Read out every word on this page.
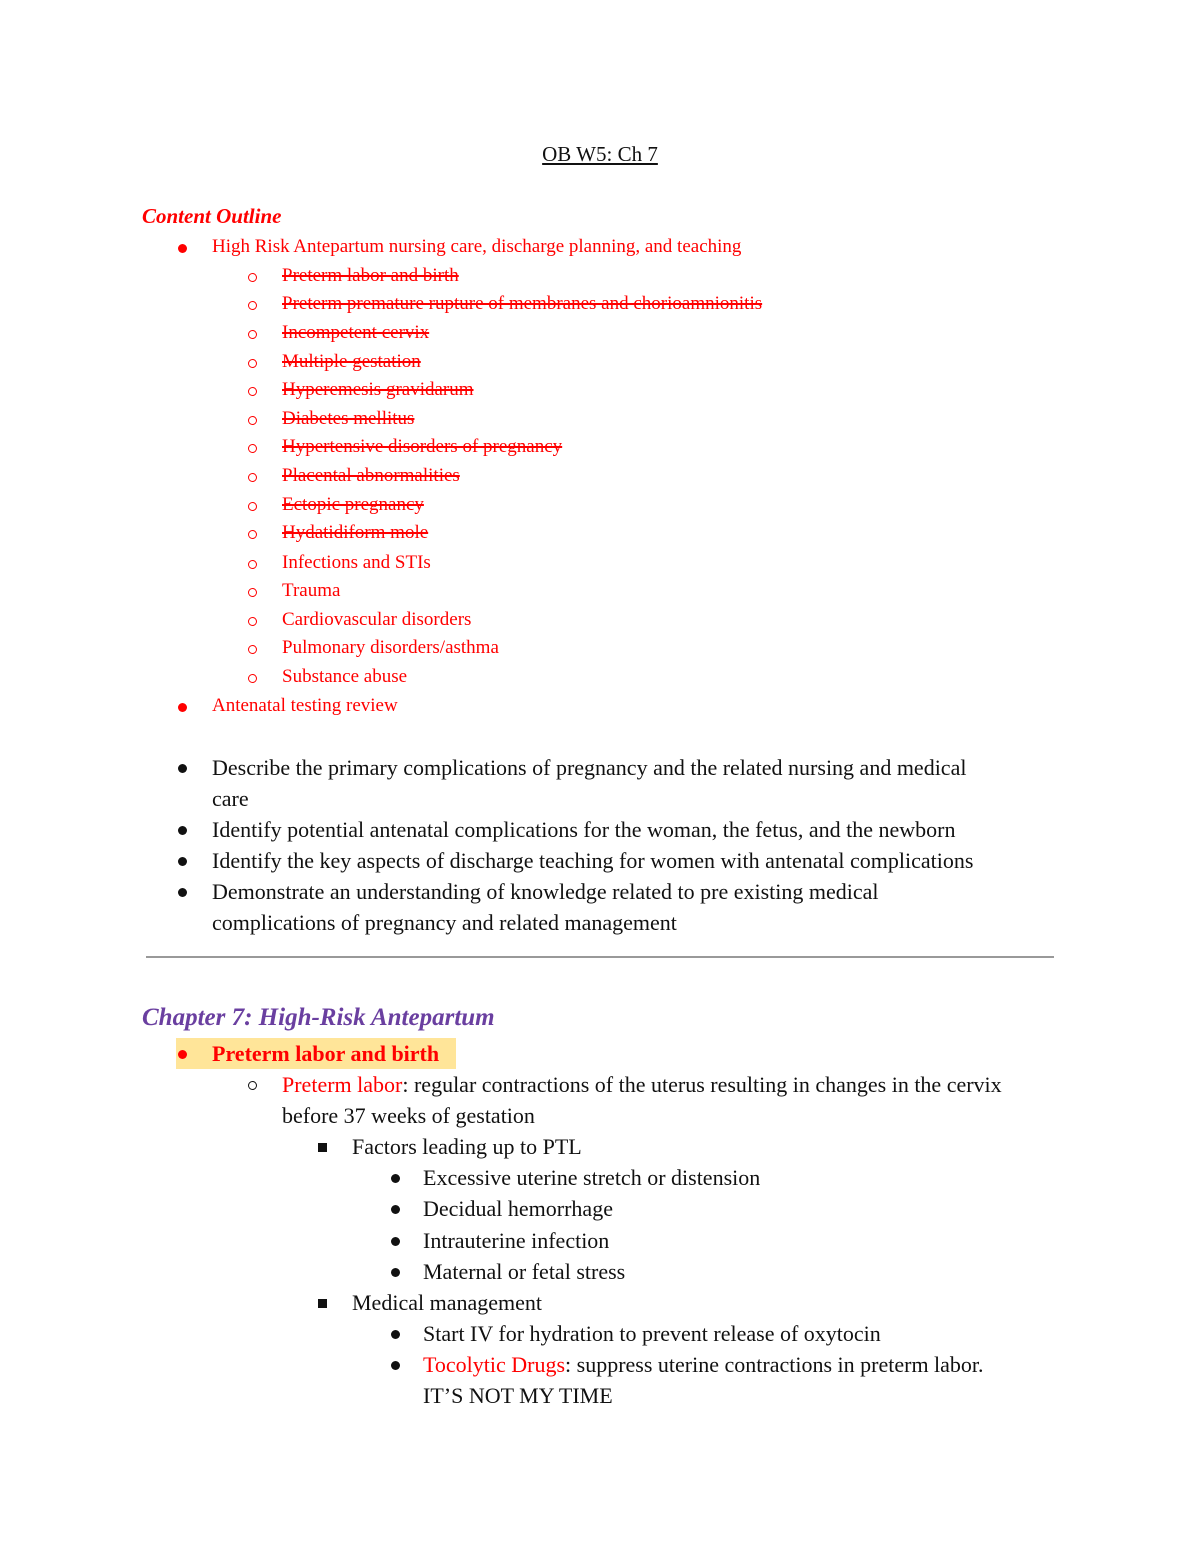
OB W5: Ch 7
Content Outline
High Risk Antepartum nursing care, discharge planning, and teaching
Preterm labor and birth
Preterm premature rupture of membranes and chorioamnionitis
Incompetent cervix
Multiple gestation
Hyperemesis gravidarum
Diabetes mellitus
Hypertensive disorders of pregnancy
Placental abnormalities
Ectopic pregnancy
Hydatidiform mole
Infections and STIs
Trauma
Cardiovascular disorders
Pulmonary disorders/asthma
Substance abuse
Antenatal testing review
Describe the primary complications of pregnancy and the related nursing and medical
care
Identify potential antenatal complications for the woman, the fetus, and the newborn
Identify the key aspects of discharge teaching for women with antenatal complications
Demonstrate an understanding of knowledge related to pre existing medical
complications of pregnancy and related management
Chapter 7: High-Risk Antepartum
Preterm labor and birth
Preterm labor: regular contractions of the uterus resulting in changes in the cervix
before 37 weeks of gestation
Factors leading up to PTL
Excessive uterine stretch or distension
Decidual hemorrhage
Intrauterine infection
Maternal or fetal stress
Medical management
Start IV for hydration to prevent release of oxytocin
Tocolytic Drugs: suppress uterine contractions in preterm labor.
IT’S NOT MY TIME
